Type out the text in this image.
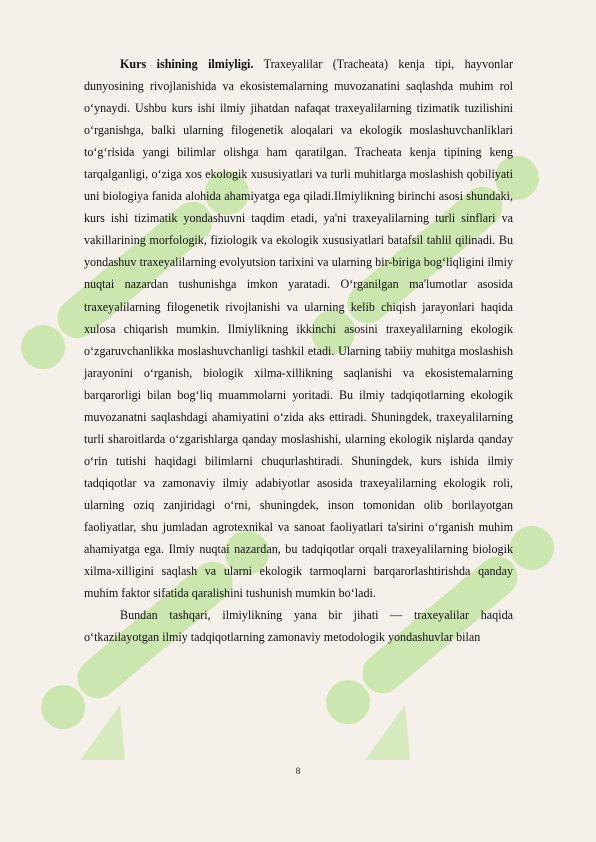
Kurs ishining ilmiyligi. Traxeyalilar (Tracheata) kenja tipi, hayvonlar dunyosining rivojlanishida va ekosistemalarning muvozanatini saqlashda muhim rol o‘ynaydi. Ushbu kurs ishi ilmiy jihatdan nafaqat traxeyalilarning tizimatik tuzilishini o‘rganishga, balki ularning filogenetik aloqalari va ekologik moslashuvchanliklari to‘g‘risida yangi bilimlar olishga ham qaratilgan. Tracheata kenja tipining keng tarqalganligi, o‘ziga xos ekologik xususiyatlari va turli muhitlarga moslashish qobiliyati uni biologiya fanida alohida ahamiyatga ega qiladi.Ilmiylikning birinchi asosi shundaki, kurs ishi tizimatik yondashuvni taqdim etadi, ya'ni traxeyalilarning turli sinflari va vakillarining morfologik, fiziologik va ekologik xususiyatlari batafsil tahlil qilinadi. Bu yondashuv traxeyalilarning evolyutsion tarixini va ularning bir-biriga bog‘liqligini ilmiy nuqtai nazardan tushunishga imkon yaratadi. O‘rganilgan ma'lumotlar asosida traxeyalilarning filogenetik rivojlanishi va ularning kelib chiqish jarayonlari haqida xulosa chiqarish mumkin. Ilmiylikning ikkinchi asosini traxeyalilarning ekologik o‘zgaruvchanlikka moslashuvchanligi tashkil etadi. Ularning tabiiy muhitga moslashish jarayonini o‘rganish, biologik xilma-xillikning saqlanishi va ekosistemalarning barqarorligi bilan bog‘liq muammolarni yoritadi. Bu ilmiy tadqiqotlarning ekologik muvozanatni saqlashdagi ahamiyatini o‘zida aks ettiradi. Shuningdek, traxeyalilarning turli sharoitlarda o‘zgarishlarga qanday moslashishi, ularning ekologik nişlarda qanday o‘rin tutishi haqidagi bilimlarni chuqurlashtiradi. Shuningdek, kurs ishida ilmiy tadqiqotlar va zamonaviy ilmiy adabiyotlar asosida traxeyalilarning ekologik roli, ularning oziq zanjiridagi o‘rni, shuningdek, inson tomonidan olib borilayotgan faoliyatlar, shu jumladan agrotexnikal va sanoat faoliyatlari ta'sirini o‘rganish muhim ahamiyatga ega. Ilmiy nuqtai nazardan, bu tadqiqotlar orqali traxeyalilarning biologik xilma-xilligini saqlash va ularni ekologik tarmoqlarni barqarorlashtirishda qanday muhim faktor sifatida qaralishini tushunish mumkin bo‘ladi.

Bundan tashqari, ilmiylikning yana bir jihati — traxeyalilar haqida o‘tkazilayotgan ilmiy tadqiqotlarning zamonaviy metodologik yondashuvlar bilan

8
